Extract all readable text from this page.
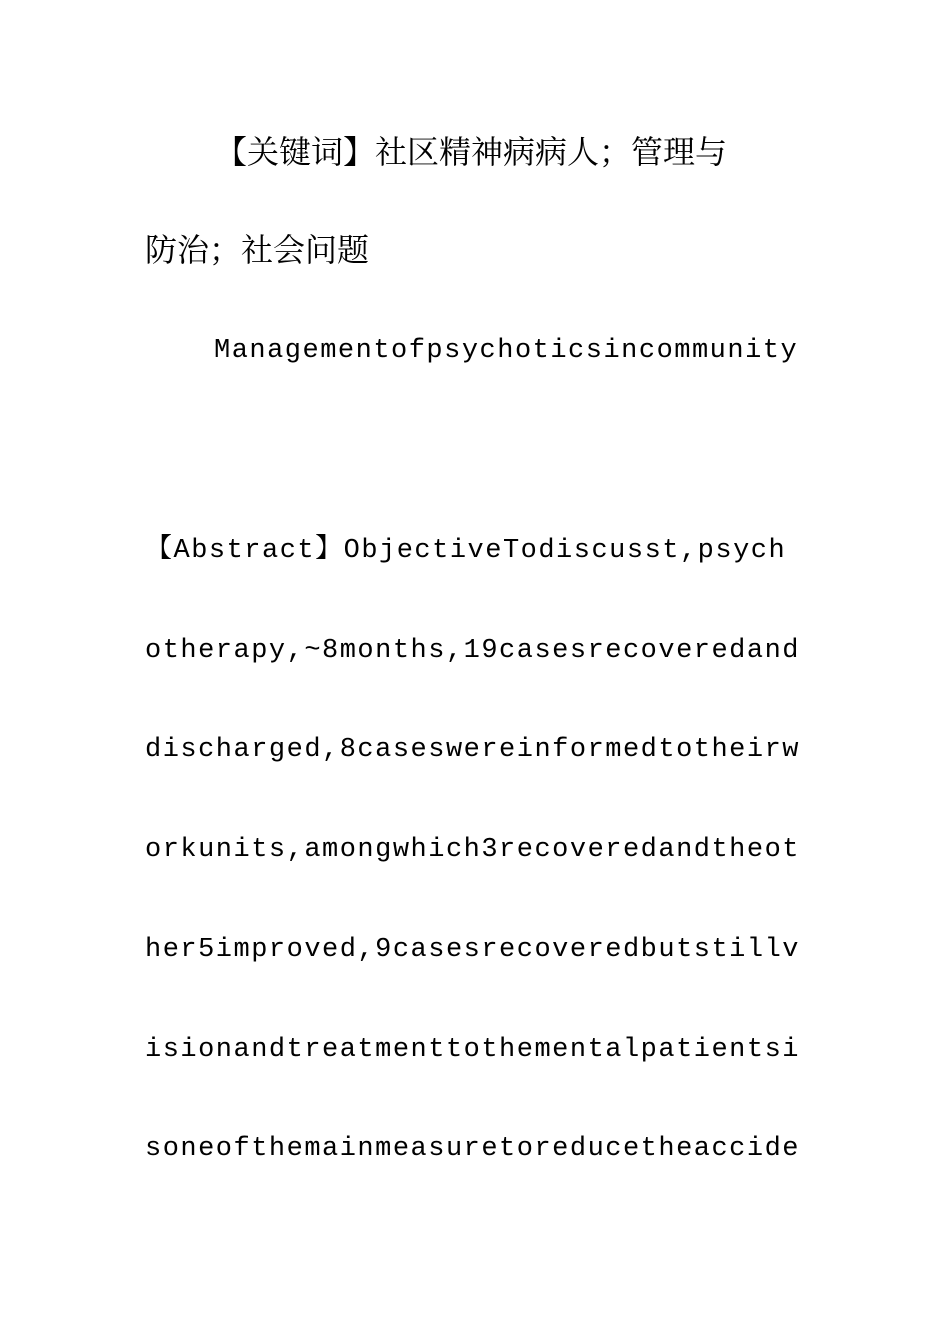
【关键词】社区精神病病人；管理与
防治；社会问题
Managementofpsychoticsincommunity
【Abstract】ObjectiveTodiscusst,psych
otherapy,~8months,19casesrecoveredand
discharged,8caseswereinformedtotheirw
orkunits,amongwhich3recoveredandtheot
her5improved,9casesrecoveredbutstillv
isionandtreatmenttothementalpatientsi
soneofthemainmeasuretoreducetheaccide
